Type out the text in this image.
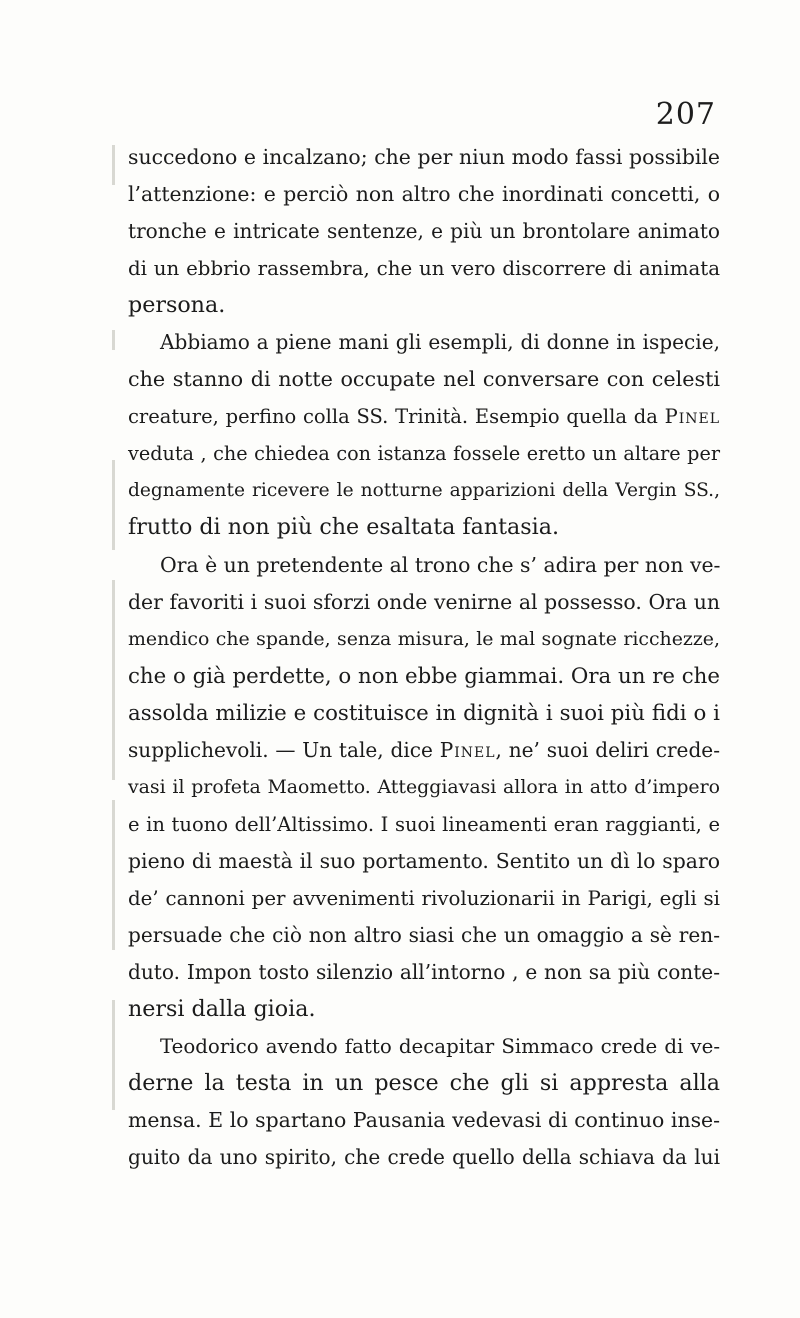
207
succedono e incalzano; che per niun modo fassi possibile
l’attenzione: e perciò non altro che inordinati concetti, o
tronche e intricate sentenze, e più un brontolare animato
di un ebbrio rassembra, che un vero discorrere di animata
persona.
Abbiamo a piene mani gli esempli, di donne in ispecie,
che stanno di notte occupate nel conversare con celesti
creature, perfino colla SS. Trinità. Esempio quella da Pinel
veduta , che chiedea con istanza fossele eretto un altare per
degnamente ricevere le notturne apparizioni della Vergin SS.,
frutto di non più che esaltata fantasia.
Ora è un pretendente al trono che s’ adira per non ve-
der favoriti i suoi sforzi onde venirne al possesso. Ora un
mendico che spande, senza misura, le mal sognate ricchezze,
che o già perdette, o non ebbe giammai. Ora un re che
assolda milizie e costituisce in dignità i suoi più fidi o i
supplichevoli. — Un tale, dice Pinel, ne’ suoi deliri crede-
vasi il profeta Maometto. Atteggiavasi allora in atto d’impero
e in tuono dell’Altissimo. I suoi lineamenti eran raggianti, e
pieno di maestà il suo portamento. Sentito un dì lo sparo
de’ cannoni per avvenimenti rivoluzionarii in Parigi, egli si
persuade che ciò non altro siasi che un omaggio a sè ren-
duto. Impon tosto silenzio all’intorno , e non sa più conte-
nersi dalla gioia.
Teodorico avendo fatto decapitar Simmaco crede di ve-
derne la testa in un pesce che gli si appresta alla
mensa. E lo spartano Pausania vedevasi di continuo inse-
guito da uno spirito, che crede quello della schiava da lui
